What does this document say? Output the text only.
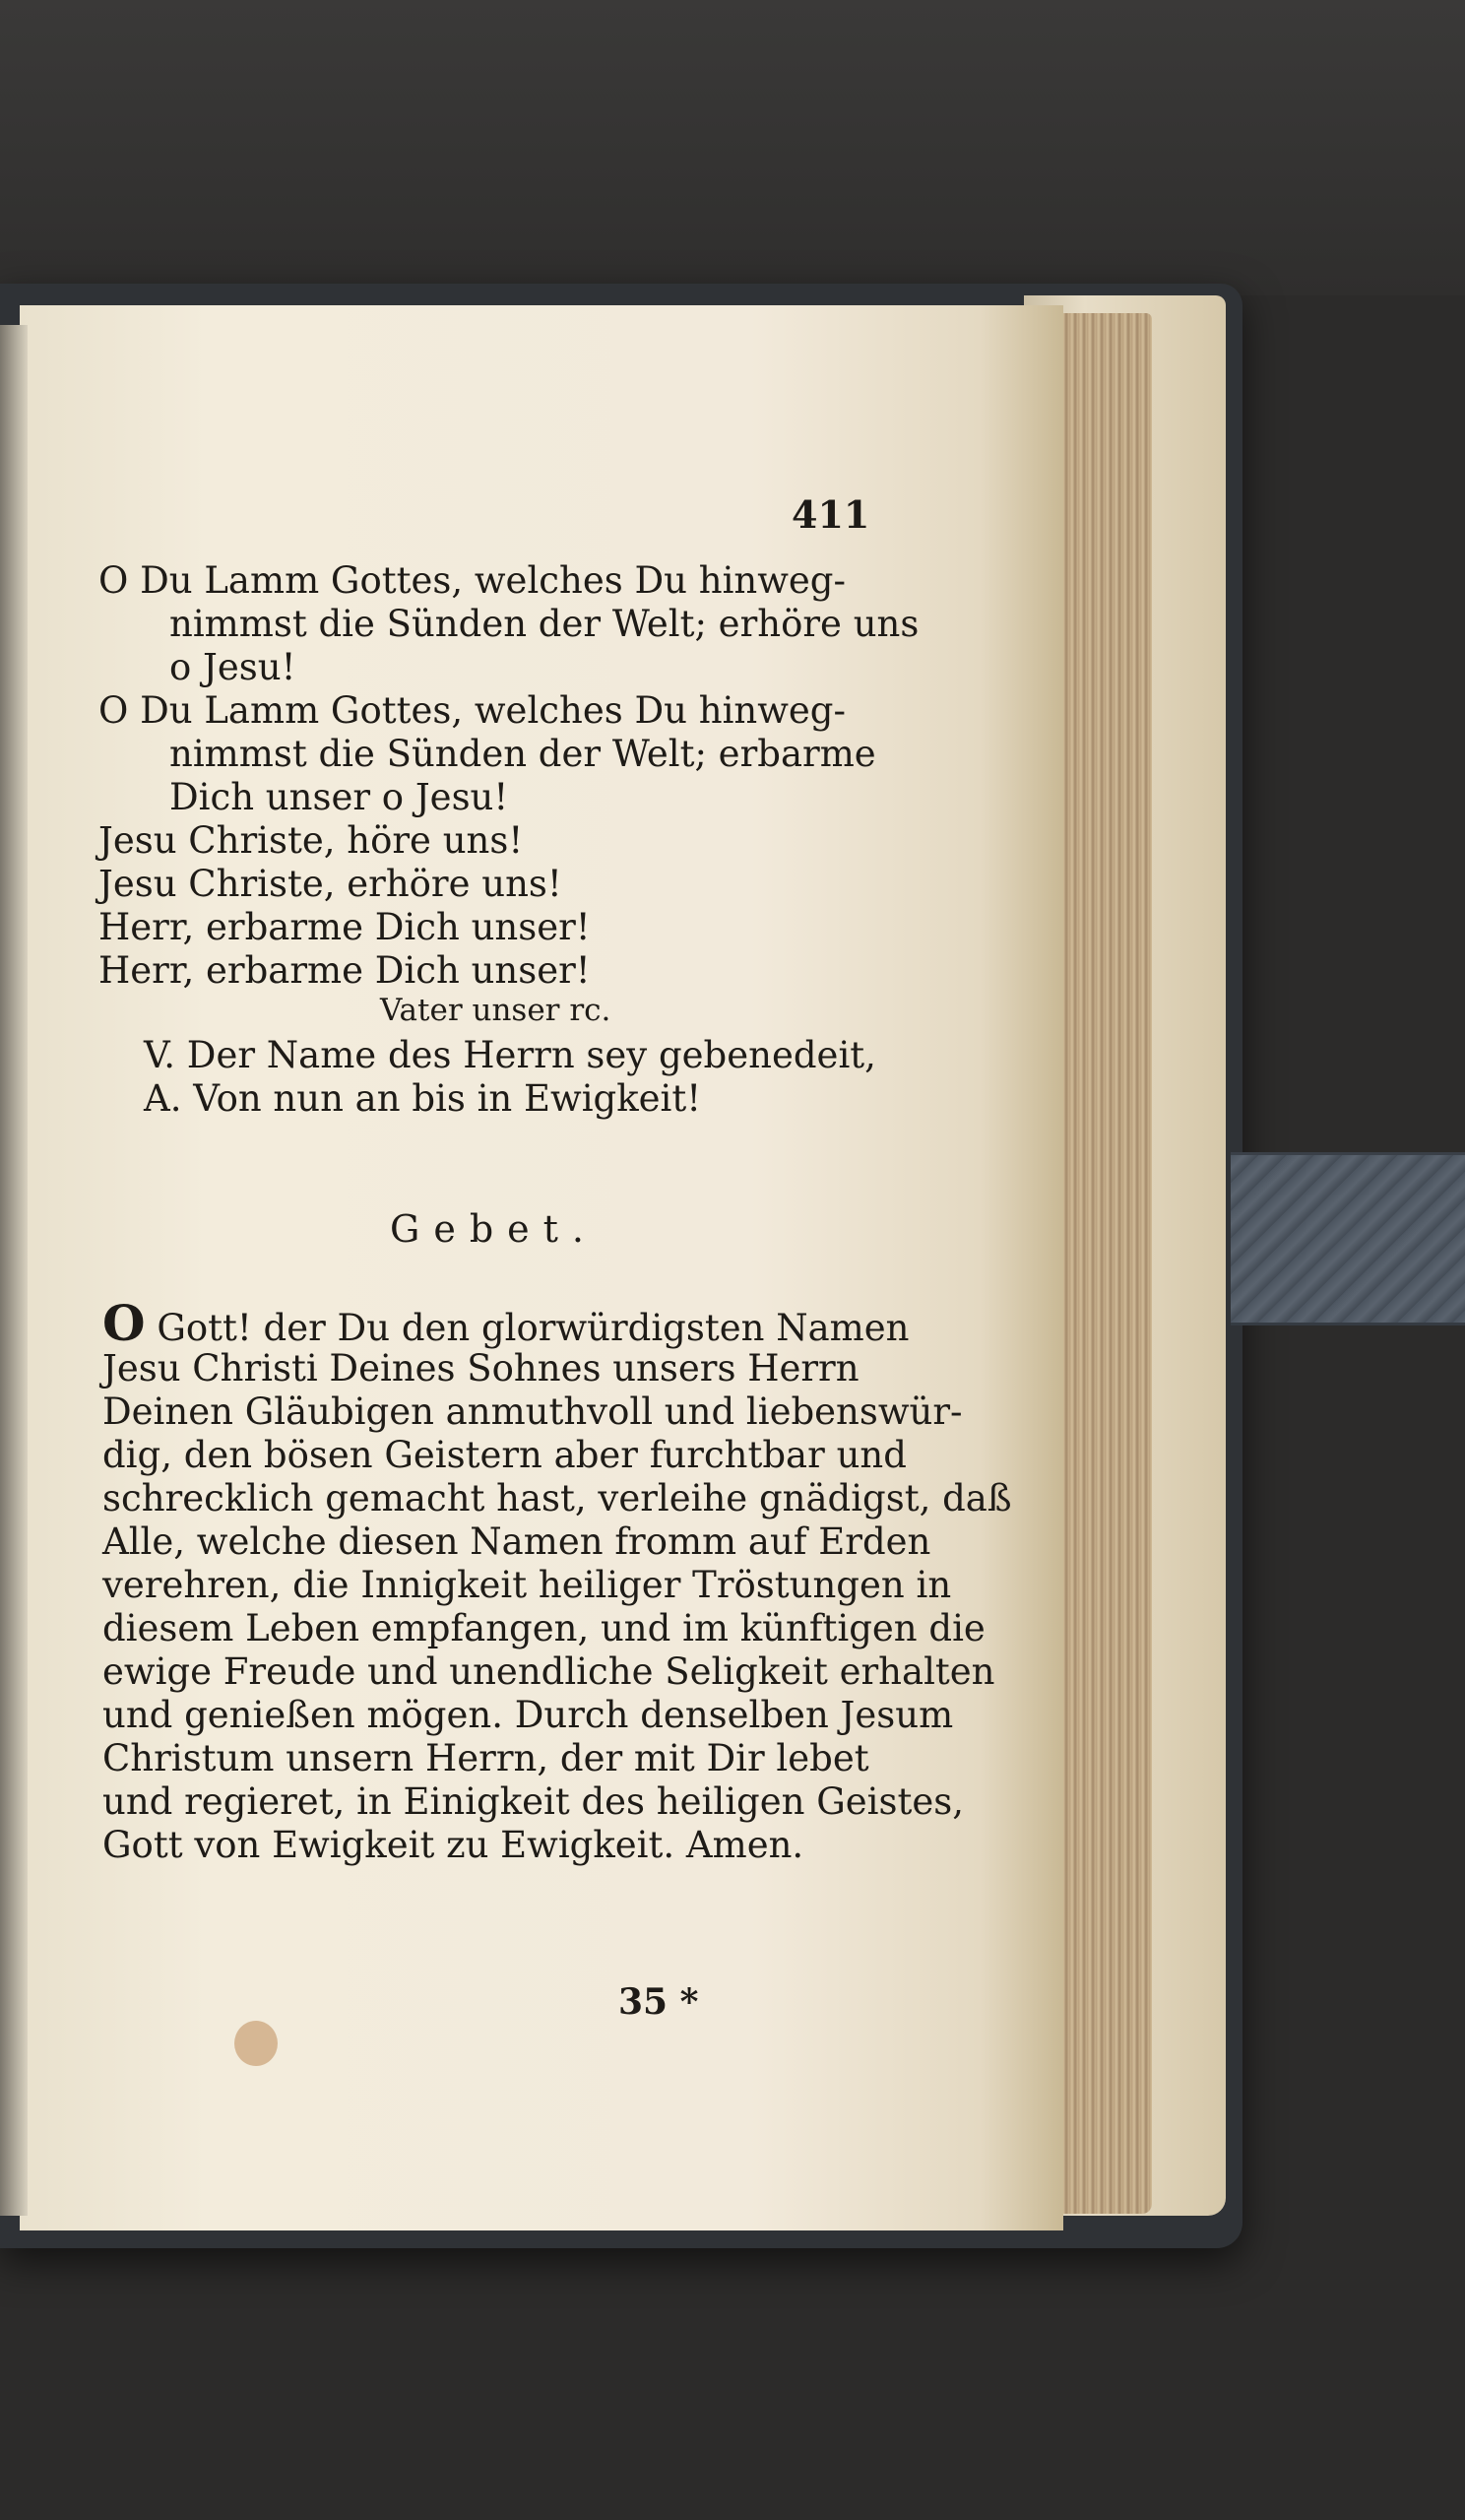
411
O Du Lamm Gottes, welches Du hinweg-
nimmst die Sünden der Welt; erhöre uns
o Jesu!
O Du Lamm Gottes, welches Du hinweg-
nimmst die Sünden der Welt; erbarme
Dich unser o Jesu!
Jesu Christe, höre uns!
Jesu Christe, erhöre uns!
Herr, erbarme Dich unser!
Herr, erbarme Dich unser!
Vater unser rc.
V. Der Name des Herrn sey gebenedeit,
A. Von nun an bis in Ewigkeit!
Gebet.
O Gott! der Du den glorwürdigsten Namen
Jesu Christi Deines Sohnes unsers Herrn
Deinen Gläubigen anmuthvoll und liebenswür-
dig, den bösen Geistern aber furchtbar und
schrecklich gemacht hast, verleihe gnädigst, daß
Alle, welche diesen Namen fromm auf Erden
verehren, die Innigkeit heiliger Tröstungen in
diesem Leben empfangen, und im künftigen die
ewige Freude und unendliche Seligkeit erhalten
und genießen mögen. Durch denselben Jesum
Christum unsern Herrn, der mit Dir lebet
und regieret, in Einigkeit des heiligen Geistes,
Gott von Ewigkeit zu Ewigkeit. Amen.
35 *
